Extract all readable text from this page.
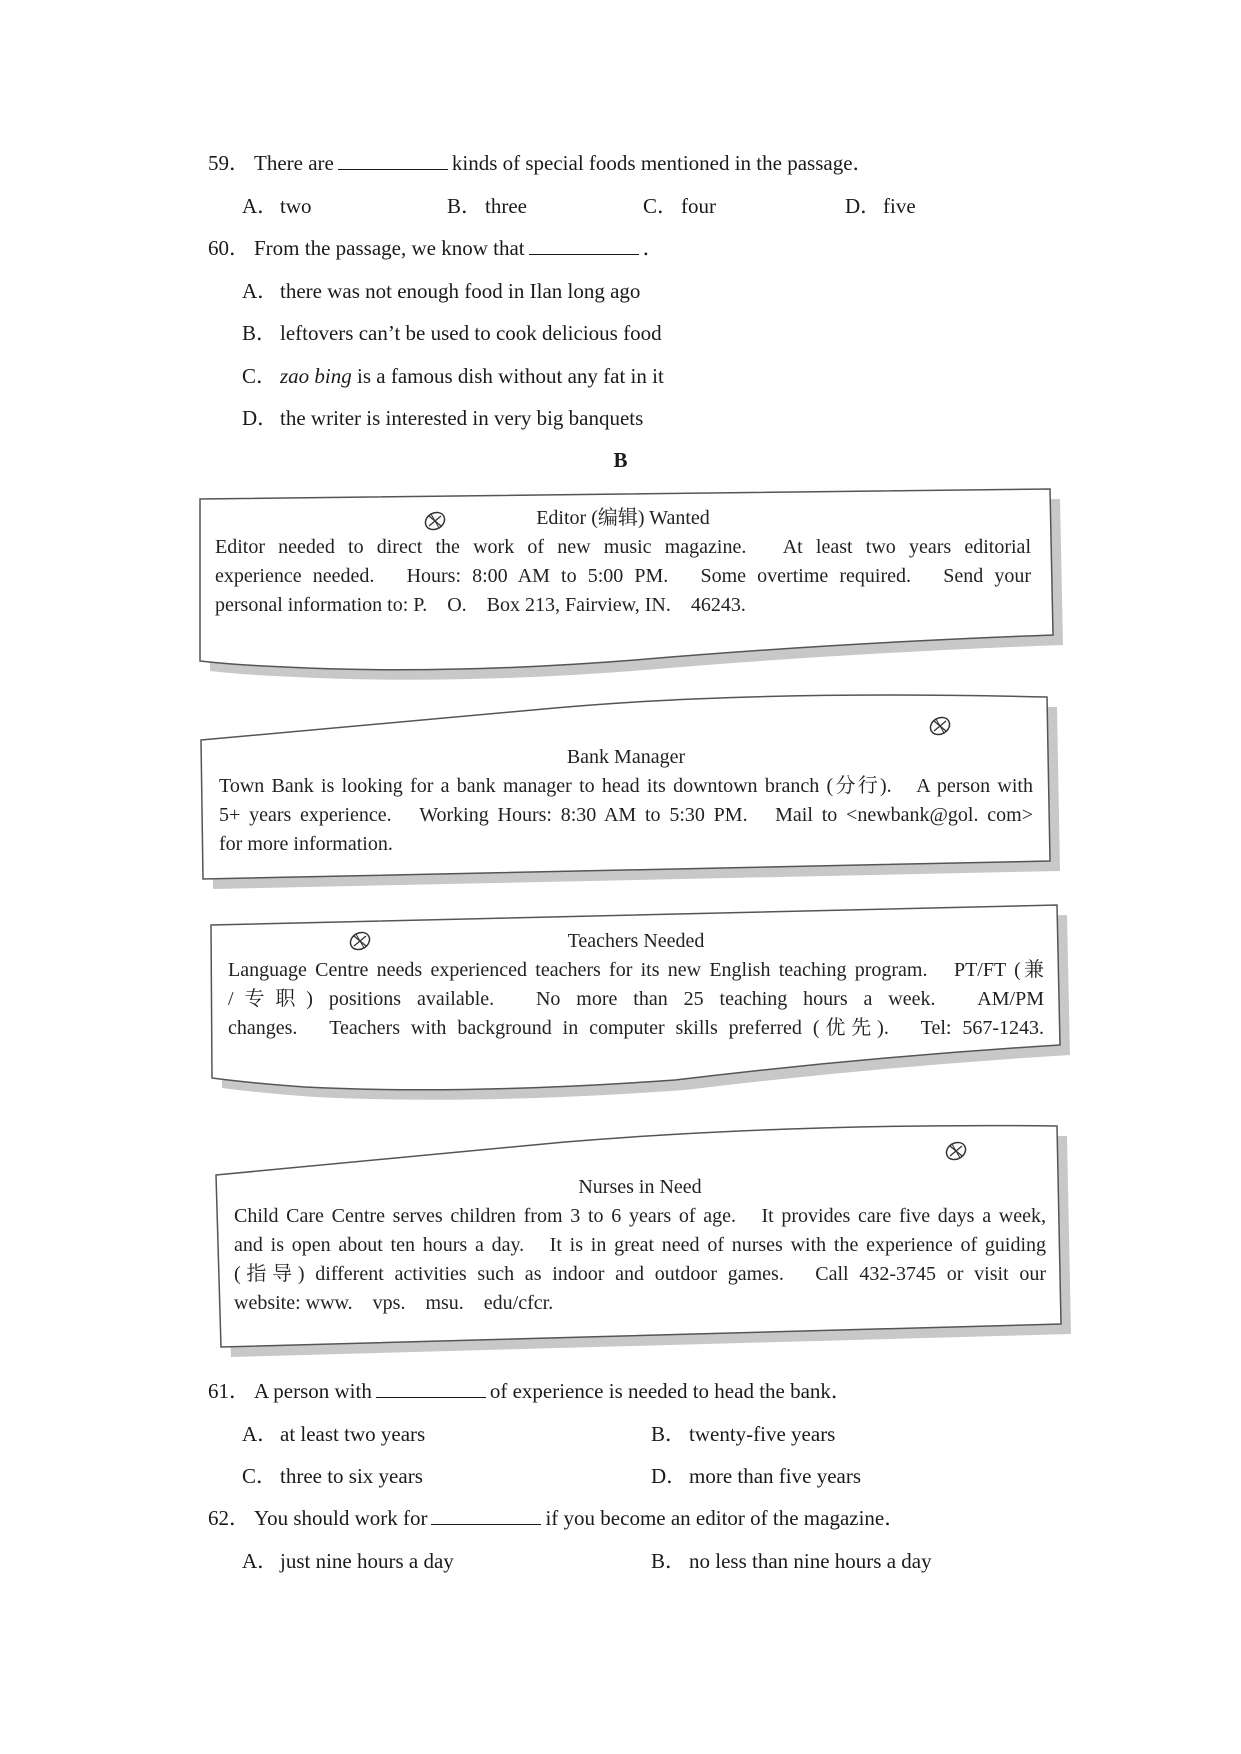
59． There are	kinds of special foods mentioned in the passage．
A．two	B． three	C． four	D．five
60． From the passage, we know that	．
A．there was not enough food in Ilan long ago
B． leftovers can’t be used to cook delicious food
C． zao bing is a famous dish without any fat in it
D．the writer is interested in very big banquets
B
Editor (编辑) Wanted
Editor needed to direct the work of new music magazine.　At least two years editorial
experience needed.　Hours: 8:00 AM to 5:00 PM.　Some overtime required.　Send your
personal information to: P.　O.　Box 213, Fairview, IN.　46243.
Bank Manager
Town Bank is looking for a bank manager to head its downtown branch (分行).　A person with
5+ years experience.　Working Hours: 8:30 AM to 5:30 PM.　Mail to <newbank@gol. com>
for more information.
Teachers Needed
Language Centre needs experienced teachers for its new English teaching program.　PT/FT (兼
/专职) positions available.　No more than 25 teaching hours a week.　AM/PM
changes.　Teachers with background in computer skills preferred (优先).　Tel: 567-1243.
Nurses in Need
Child Care Centre serves children from 3 to 6 years of age.　It provides care five days a week,
and is open about ten hours a day.　It is in great need of nurses with the experience of guiding
(指导) different activities such as indoor and outdoor games.　Call 432-3745 or visit our
website: www.　vps.　msu.　edu/cfcr.
61． A person with	of experience is needed to head the bank．
A．at least two years	B． twenty-five years
C． three to six years	D．more than five years
62． You should work for	if you become an editor of the magazine．
A．just nine hours a day	B． no less than nine hours a day
